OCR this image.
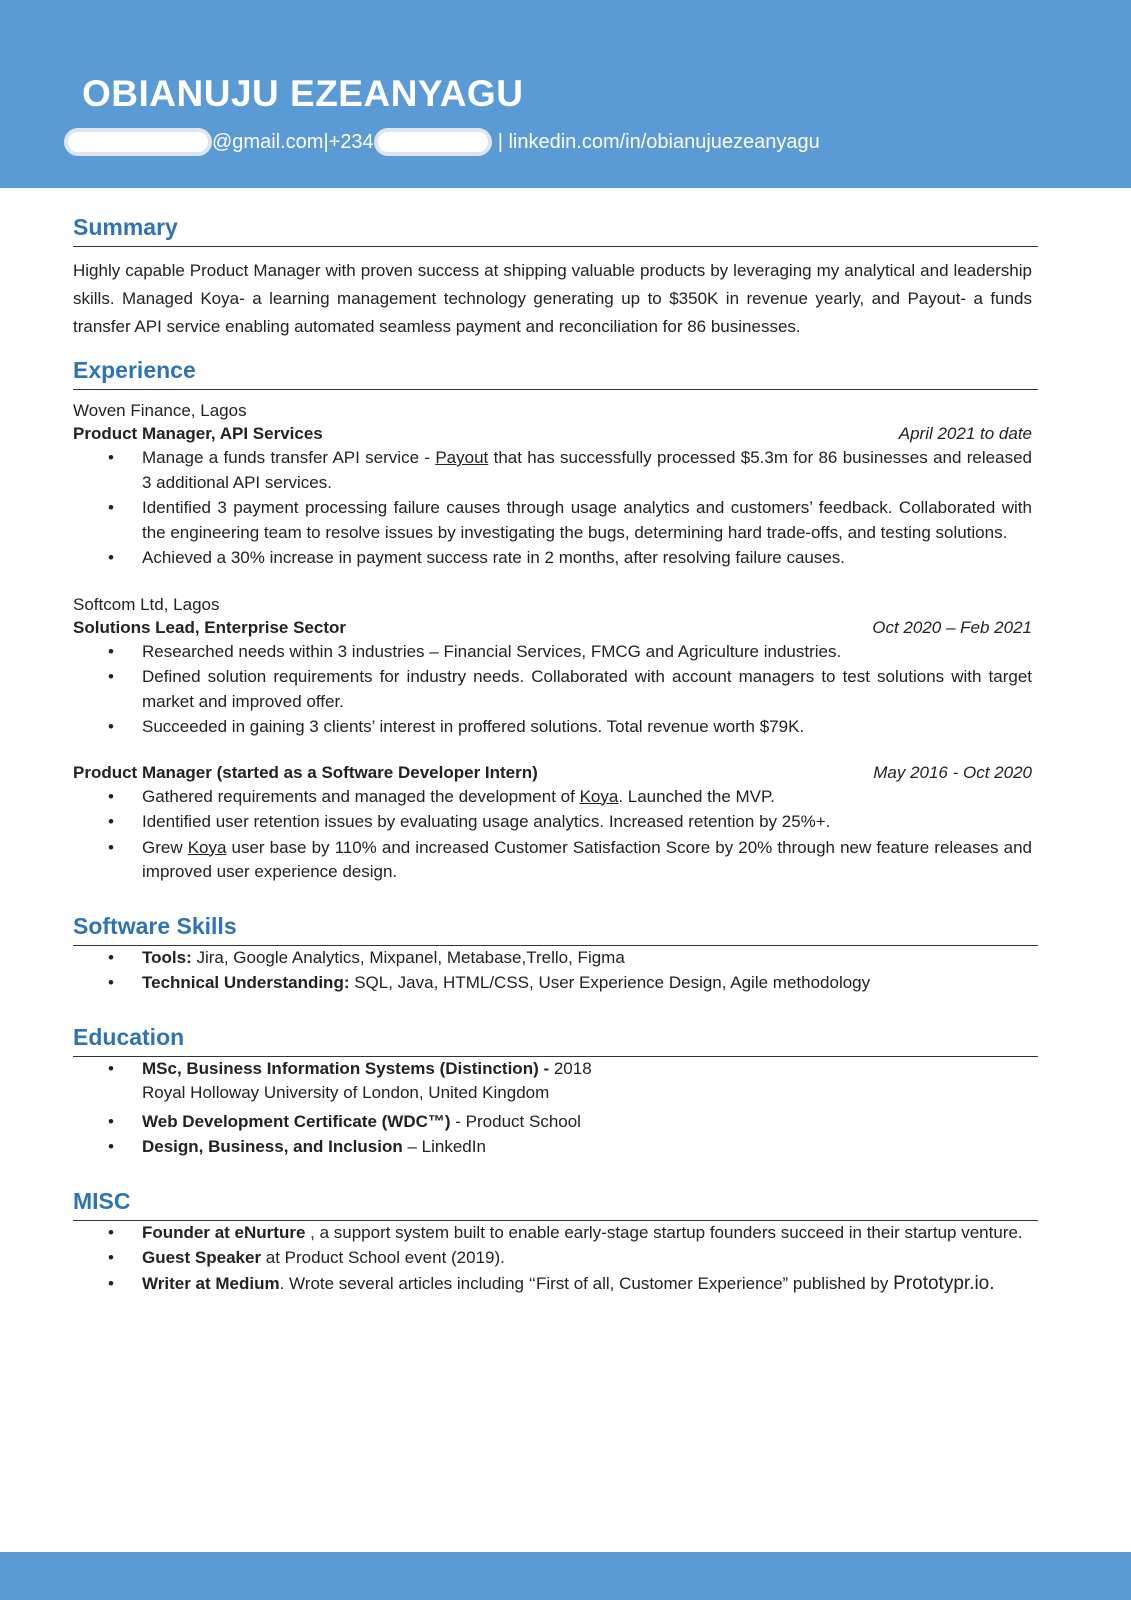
OBIANUJU EZEANYAGU
@gmail.com |+234	| linkedin.com/in/obianujuezeanyagu
Summary

Highly capable Product Manager with proven success at shipping valuable products by leveraging my analytical and leadership skills. Managed Koya- a learning management technology generating up to $350K in revenue yearly, and Payout- a funds transfer API service enabling automated seamless payment and reconciliation for 86 businesses.

Experience
Woven Finance, Lagos
Product Manager, API Services	April 2021 to date
• Manage a funds transfer API service - Payout that has successfully processed $5.3m for 86 businesses and released 3 additional API services.
• Identified 3 payment processing failure causes through usage analytics and customers’ feedback. Collaborated with the engineering team to resolve issues by investigating the bugs, determining hard trade-offs, and testing solutions.
• Achieved a 30% increase in payment success rate in 2 months, after resolving failure causes.
Softcom Ltd, Lagos
Solutions Lead, Enterprise Sector	Oct 2020 – Feb 2021
• Researched needs within 3 industries – Financial Services, FMCG and Agriculture industries.
• Defined solution requirements for industry needs. Collaborated with account managers to test solutions with target market and improved offer.
• Succeeded in gaining 3 clients’ interest in proffered solutions. Total revenue worth $79K.
Product Manager (started as a Software Developer Intern)	May 2016 - Oct 2020
• Gathered requirements and managed the development of Koya. Launched the MVP.
• Identified user retention issues by evaluating usage analytics. Increased retention by 25%+.
• Grew Koya user base by 110% and increased Customer Satisfaction Score by 20% through new feature releases and improved user experience design.
Software Skills
• Tools: Jira, Google Analytics, Mixpanel, Metabase,Trello, Figma
• Technical Understanding: SQL, Java, HTML/CSS, User Experience Design, Agile methodology
Education
• MSc, Business Information Systems (Distinction) - 2018
Royal Holloway University of London, United Kingdom
• Web Development Certificate (WDC™) - Product School
• Design, Business, and Inclusion – LinkedIn
MISC
• Founder at eNurture , a support system built to enable early-stage startup founders succeed in their startup venture.
• Guest Speaker at Product School event (2019).
• Writer at Medium. Wrote several articles including ‘‘First of all, Customer Experience” published by Prototypr.io.
